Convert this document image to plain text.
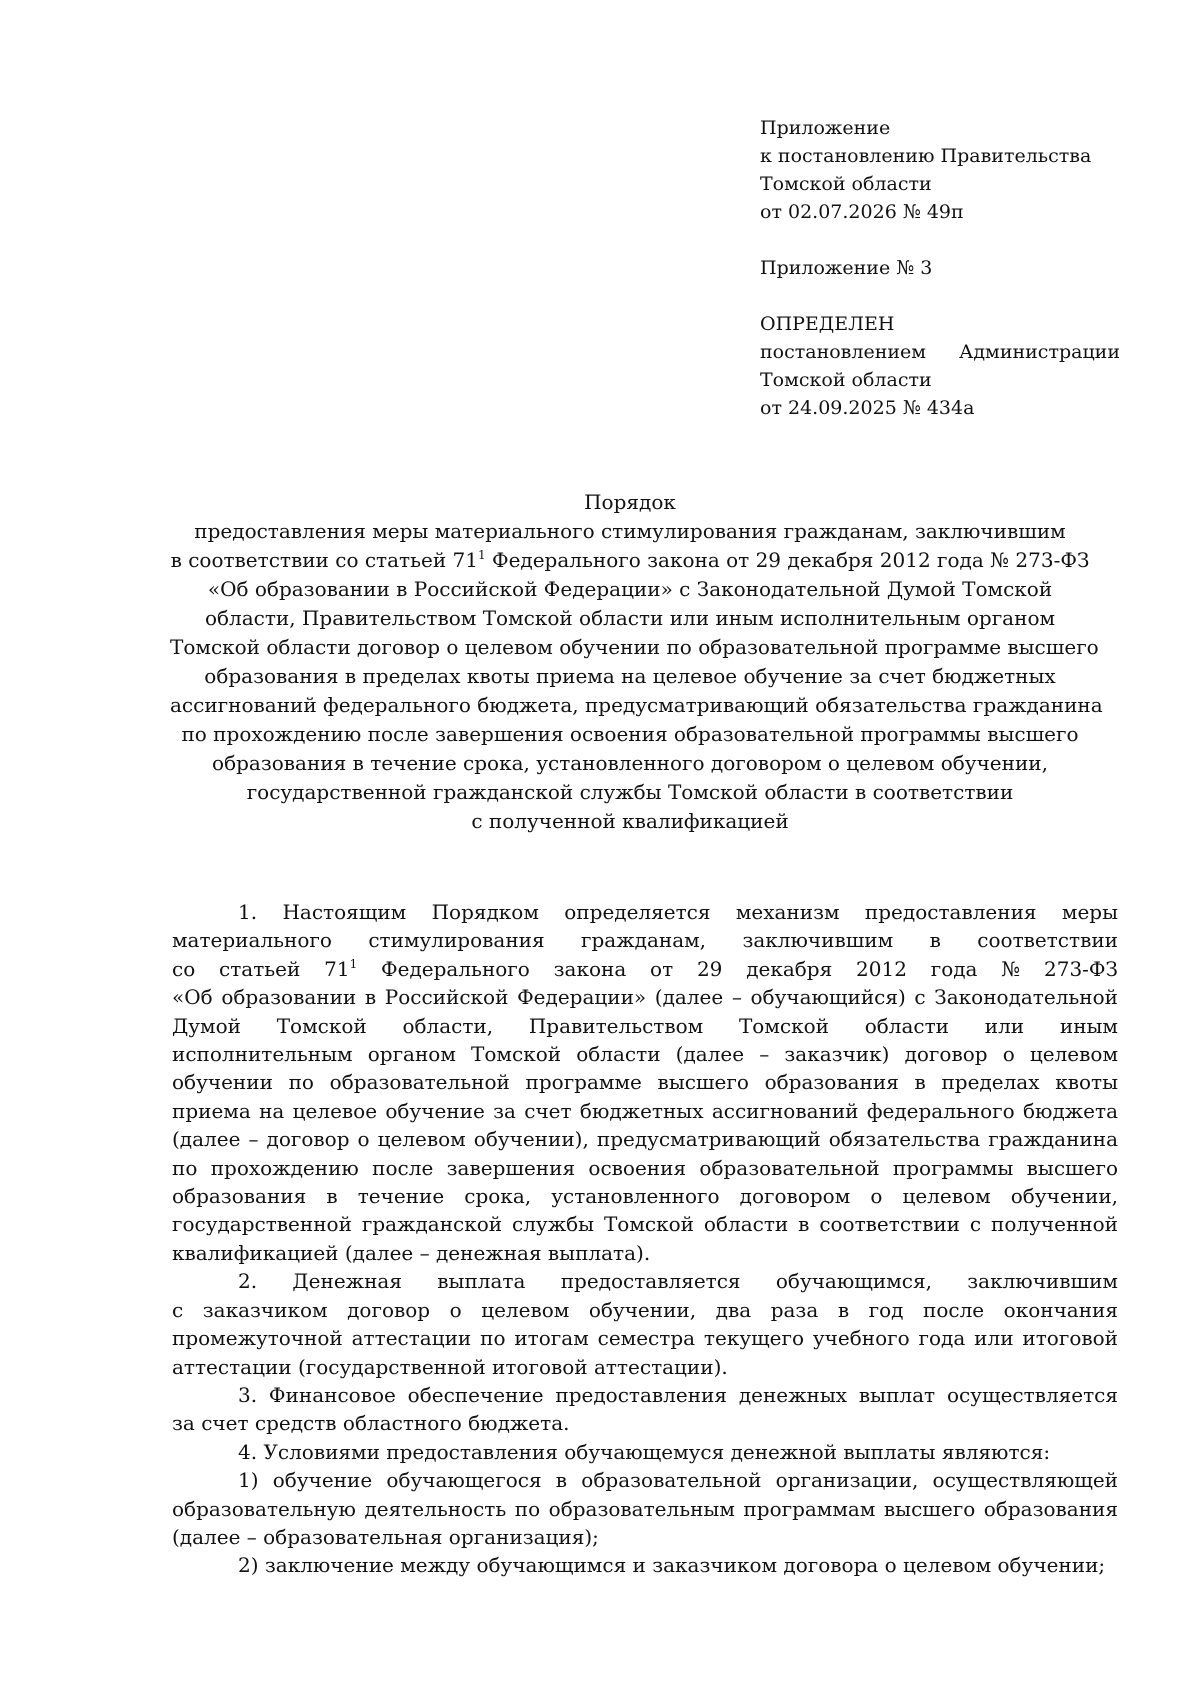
Приложение
к постановлению Правительства
Томской области
от 02.07.2026 № 49п
Приложение № 3
ОПРЕДЕЛЕН
постановлением Администрации
Томской области
от 24.09.2025 № 434а
Порядок
предоставления меры материального стимулирования гражданам, заключившим
в соответствии со статьей $71^1$ Федерального закона от 29 декабря 2012 года № 273-ФЗ
«Об образовании в Российской Федерации» с Законодательной Думой Томской
области, Правительством Томской области или иным исполнительным органом
Томской области договор о целевом обучении по образовательной программе высшего
образования в пределах квоты приема на целевое обучение за счет бюджетных
ассигнований федерального бюджета, предусматривающий обязательства гражданина
по прохождению после завершения освоения образовательной программы высшего
образования в течение срока, установленного договором о целевом обучении,
государственной гражданской службы Томской области в соответствии
с полученной квалификацией
1. Настоящим Порядком определяется механизм предоставления меры
материального стимулирования гражданам, заключившим в соответствии
со статьей $71^1$ Федерального закона от 29 декабря 2012 года № 273-ФЗ
«Об образовании в Российской Федерации» (далее – обучающийся) с Законодательной
Думой Томской области, Правительством Томской области или иным
исполнительным органом Томской области (далее – заказчик) договор о целевом
обучении по образовательной программе высшего образования в пределах квоты
приема на целевое обучение за счет бюджетных ассигнований федерального бюджета
(далее – договор о целевом обучении), предусматривающий обязательства гражданина
по прохождению после завершения освоения образовательной программы высшего
образования в течение срока, установленного договором о целевом обучении,
государственной гражданской службы Томской области в соответствии с полученной
квалификацией (далее – денежная выплата).
2. Денежная выплата предоставляется обучающимся, заключившим
с заказчиком договор о целевом обучении, два раза в год после окончания
промежуточной аттестации по итогам семестра текущего учебного года или итоговой
аттестации (государственной итоговой аттестации).
3. Финансовое обеспечение предоставления денежных выплат осуществляется
за счет средств областного бюджета.
4. Условиями предоставления обучающемуся денежной выплаты являются:
1) обучение обучающегося в образовательной организации, осуществляющей
образовательную деятельность по образовательным программам высшего образования
(далее – образовательная организация);
2) заключение между обучающимся и заказчиком договора о целевом обучении;
